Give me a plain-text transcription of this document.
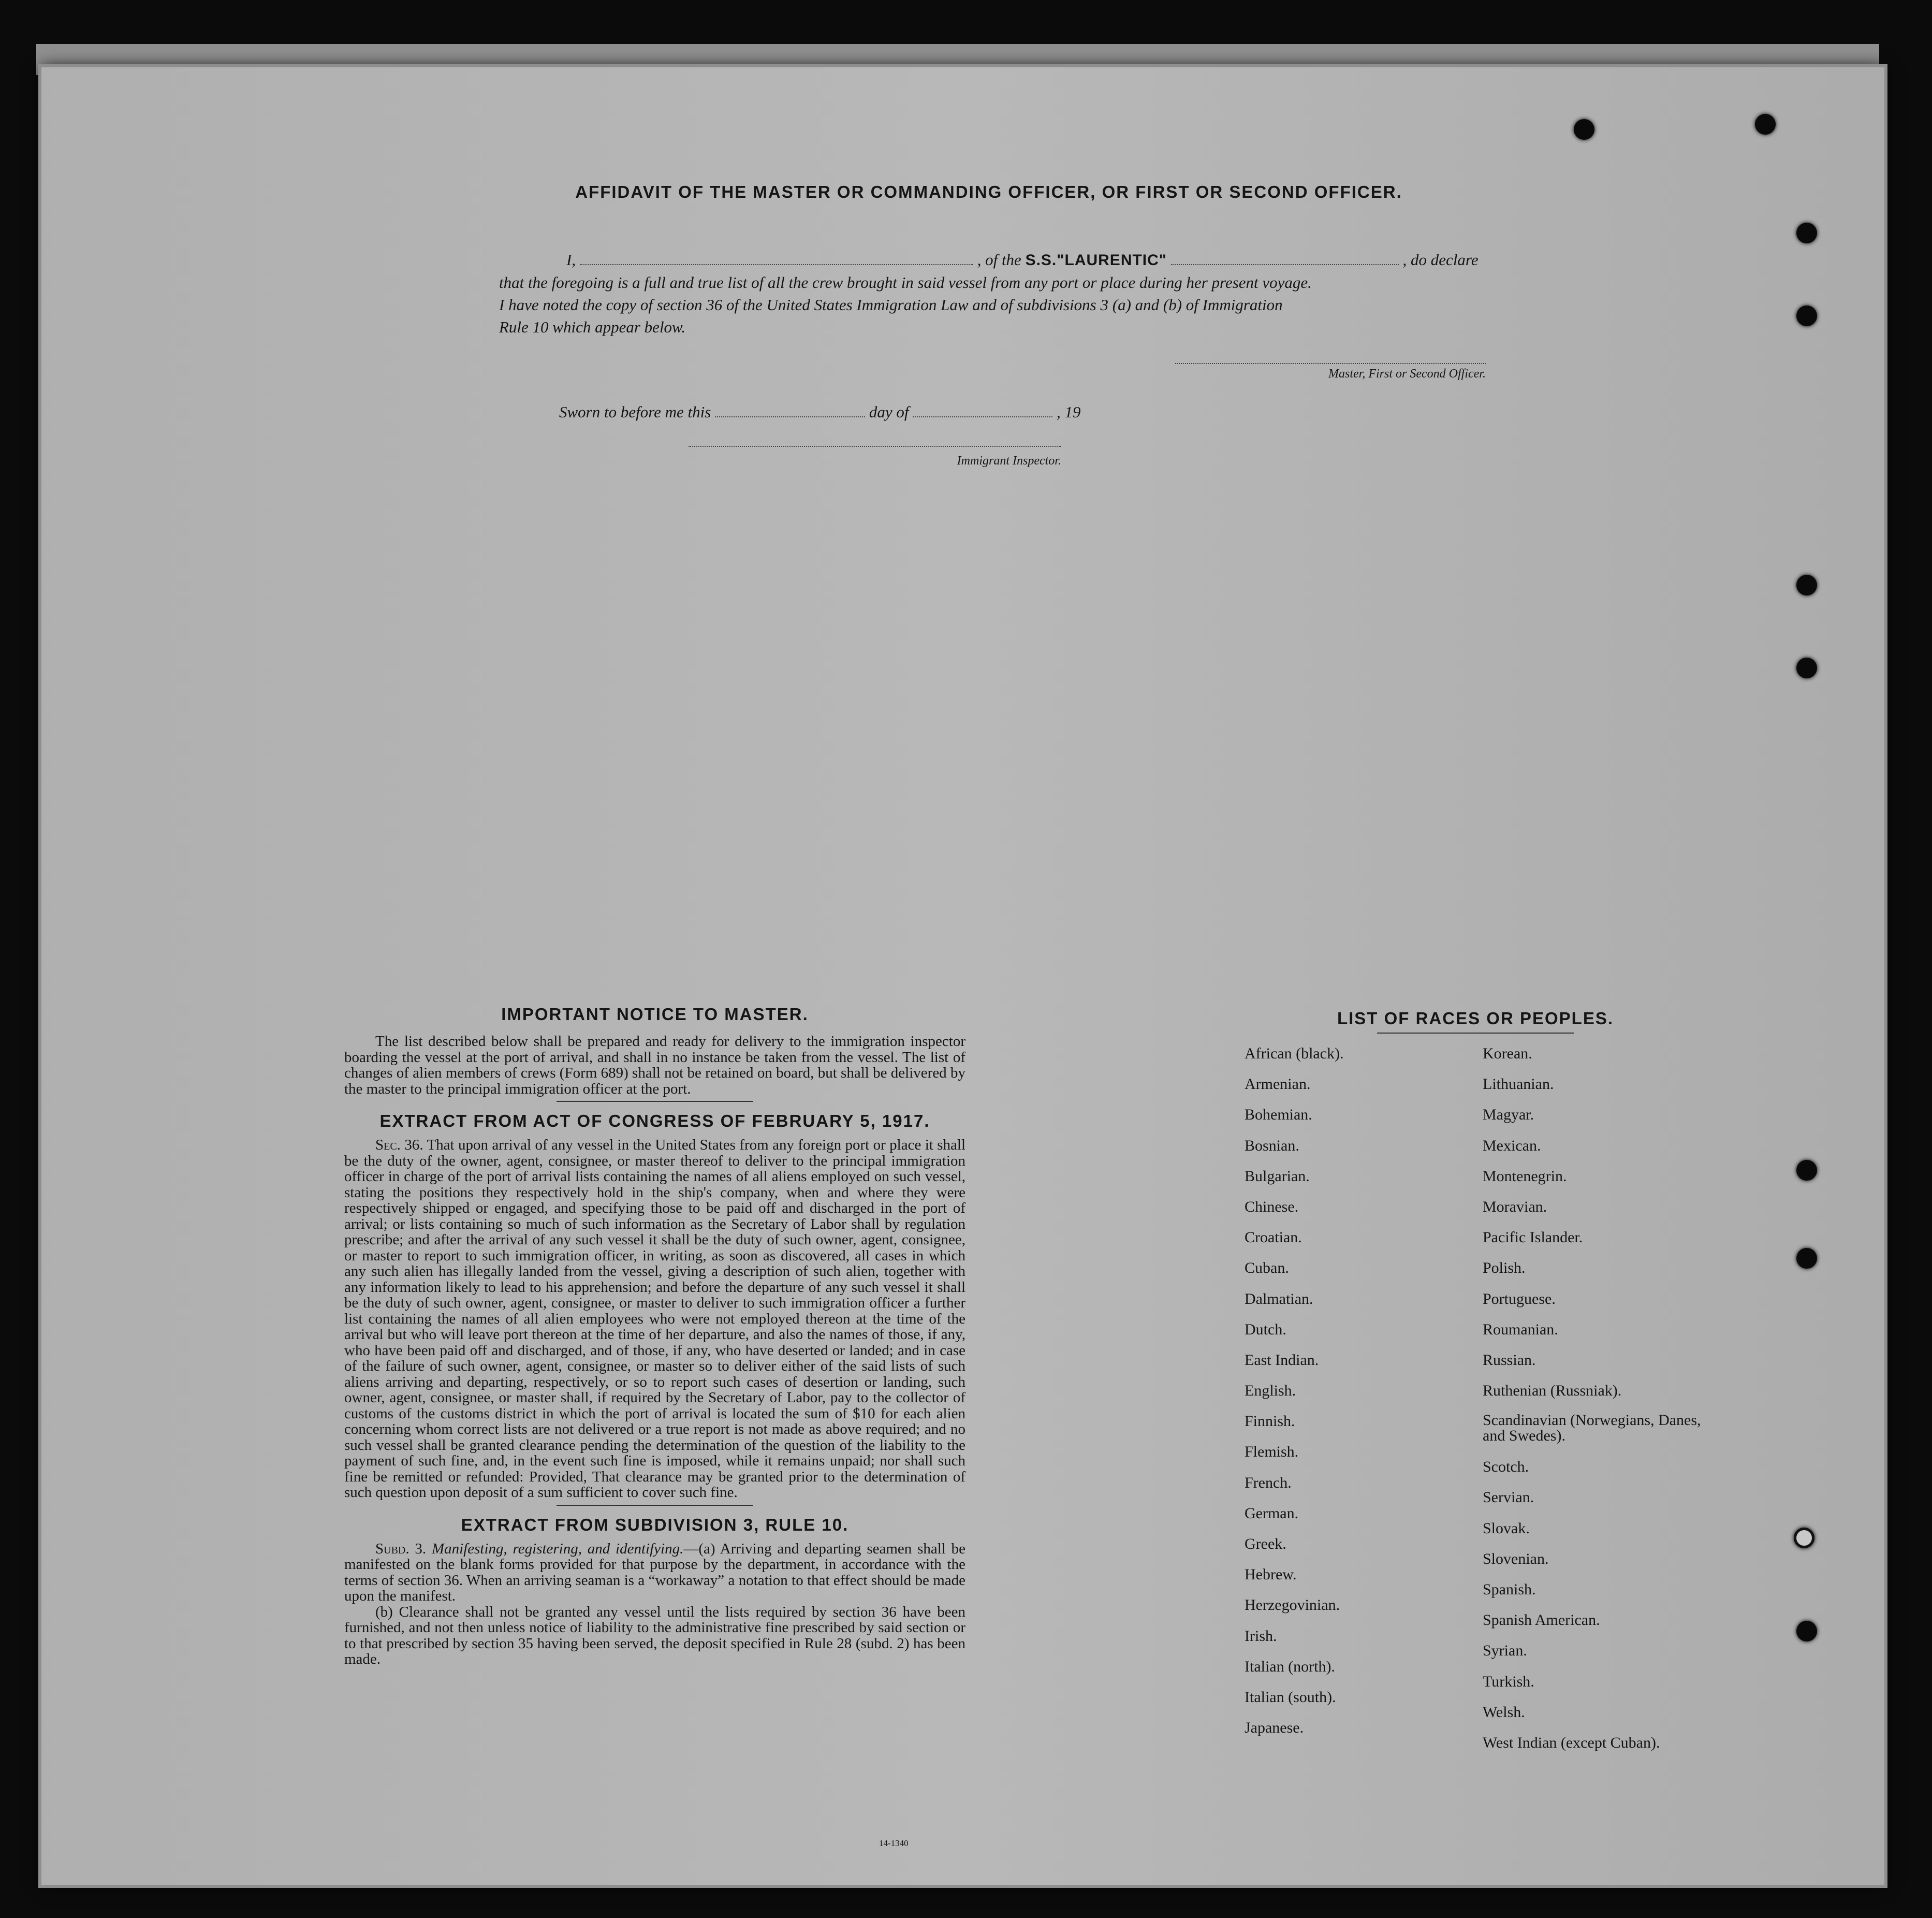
AFFIDAVIT OF THE MASTER OR COMMANDING OFFICER, OR FIRST OR SECOND OFFICER.
I,	, of the S.S."LAURENTIC"	, do declare
that the foregoing is a full and true list of all the crew brought in said vessel from any port or place during her present voyage.
I have noted the copy of section 36 of the United States Immigration Law and of subdivisions 3 (a) and (b) of Immigration
Rule 10 which appear below.
Master, First or Second Officer.
Sworn to before me this	day of	, 19
Immigrant Inspector.
IMPORTANT NOTICE TO MASTER.

The list described below shall be prepared and ready for delivery to the immigration inspector boarding the vessel at the port of arrival, and shall in no instance be taken from the vessel. The list of changes of alien members of crews (Form 689) shall not be retained on board, but shall be delivered by the master to the principal immigration officer at the port.

EXTRACT FROM ACT OF CONGRESS OF FEBRUARY 5, 1917.

Sec. 36. That upon arrival of any vessel in the United States from any foreign port or place it shall be the duty of the owner, agent, consignee, or master thereof to deliver to the principal immigration officer in charge of the port of arrival lists containing the names of all aliens employed on such vessel, stating the positions they respectively hold in the ship's company, when and where they were respectively shipped or engaged, and specifying those to be paid off and discharged in the port of arrival; or lists containing so much of such information as the Secretary of Labor shall by regulation prescribe; and after the arrival of any such vessel it shall be the duty of such owner, agent, consignee, or master to report to such immigration officer, in writing, as soon as discovered, all cases in which any such alien has illegally landed from the vessel, giving a description of such alien, together with any information likely to lead to his apprehension; and before the departure of any such vessel it shall be the duty of such owner, agent, consignee, or master to deliver to such immigration officer a further list containing the names of all alien employees who were not employed thereon at the time of the arrival but who will leave port thereon at the time of her departure, and also the names of those, if any, who have been paid off and discharged, and of those, if any, who have deserted or landed; and in case of the failure of such owner, agent, consignee, or master so to deliver either of the said lists of such aliens arriving and departing, respectively, or so to report such cases of desertion or landing, such owner, agent, consignee, or master shall, if required by the Secretary of Labor, pay to the collector of customs of the customs district in which the port of arrival is located the sum of $10 for each alien concerning whom correct lists are not delivered or a true report is not made as above required; and no such vessel shall be granted clearance pending the determination of the question of the liability to the payment of such fine, and, in the event such fine is imposed, while it remains unpaid; nor shall such fine be remitted or refunded: Provided, That clearance may be granted prior to the determination of such question upon deposit of a sum sufficient to cover such fine.

EXTRACT FROM SUBDIVISION 3, RULE 10.

Subd. 3. Manifesting, registering, and identifying.—(a) Arriving and departing seamen shall be manifested on the blank forms provided for that purpose by the department, in accordance with the terms of section 36. When an arriving seaman is a “workaway” a notation to that effect should be made upon the manifest.

(b) Clearance shall not be granted any vessel until the lists required by section 36 have been furnished, and not then unless notice of liability to the administrative fine prescribed by said section or to that prescribed by section 35 having been served, the deposit specified in Rule 28 (subd. 2) has been made.

LIST OF RACES OR PEOPLES.
African (black).
Armenian.
Bohemian.
Bosnian.
Bulgarian.
Chinese.
Croatian.
Cuban.
Dalmatian.
Dutch.
East Indian.
English.
Finnish.
Flemish.
French.
German.
Greek.
Hebrew.
Herzegovinian.
Irish.
Italian (north).
Italian (south).
Japanese.
Korean.
Lithuanian.
Magyar.
Mexican.
Montenegrin.
Moravian.
Pacific Islander.
Polish.
Portuguese.
Roumanian.
Russian.
Ruthenian (Russniak).
Scandinavian (Norwegians, Danes, and Swedes).
Scotch.
Servian.
Slovak.
Slovenian.
Spanish.
Spanish American.
Syrian.
Turkish.
Welsh.
West Indian (except Cuban).
14-1340
